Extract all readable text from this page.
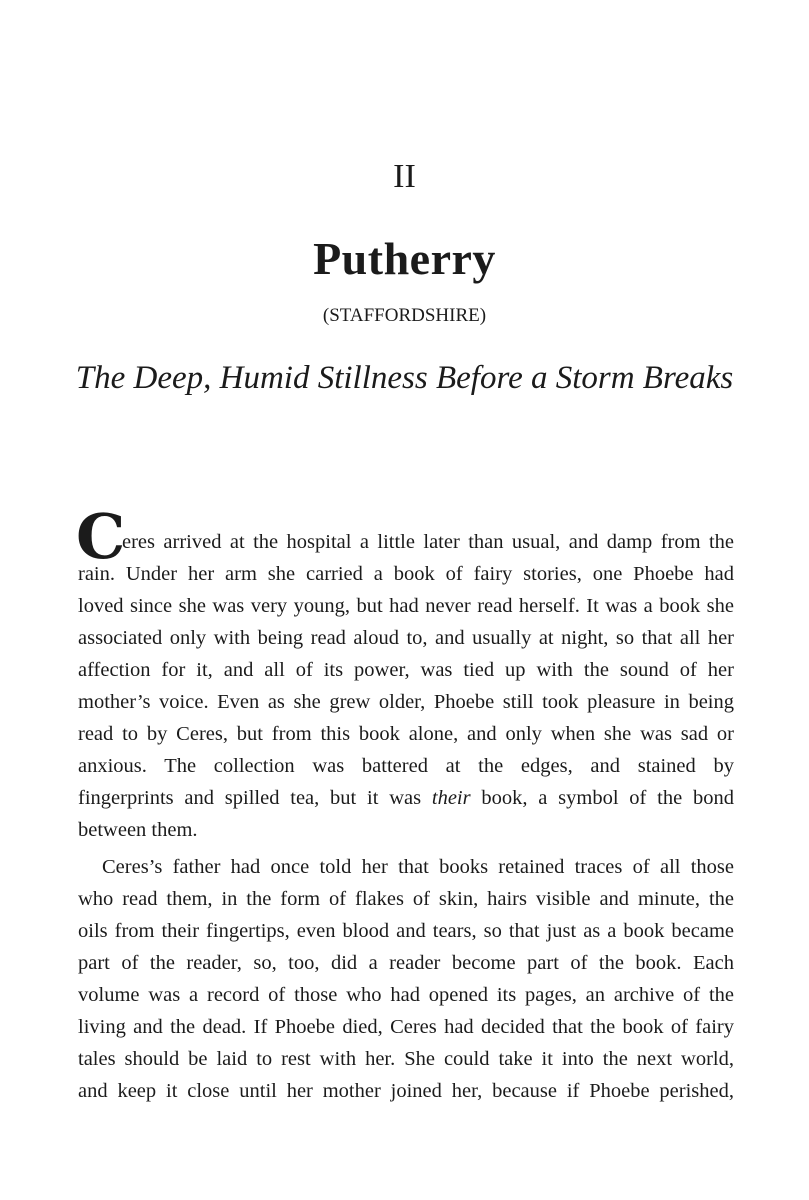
II
Putherry
(STAFFORDSHIRE)
The Deep, Humid Stillness Before a Storm Breaks
C
eres arrived at the hospital a little later than usual, and damp from the
rain. Under her arm she carried a book of fairy stories, one Phoebe had
loved since she was very young, but had never read herself. It was a book she
associated only with being read aloud to, and usually at night, so that all her
affection for it, and all of its power, was tied up with the sound of her
mother’s voice. Even as she grew older, Phoebe still took pleasure in being
read to by Ceres, but from this book alone, and only when she was sad or
anxious. The collection was battered at the edges, and stained by
fingerprints and spilled tea, but it was their book, a symbol of the bond
between them.
Ceres’s father had once told her that books retained traces of all those
who read them, in the form of flakes of skin, hairs visible and minute, the
oils from their fingertips, even blood and tears, so that just as a book became
part of the reader, so, too, did a reader become part of the book. Each
volume was a record of those who had opened its pages, an archive of the
living and the dead. If Phoebe died, Ceres had decided that the book of fairy
tales should be laid to rest with her. She could take it into the next world,
and keep it close until her mother joined her, because if Phoebe perished,
